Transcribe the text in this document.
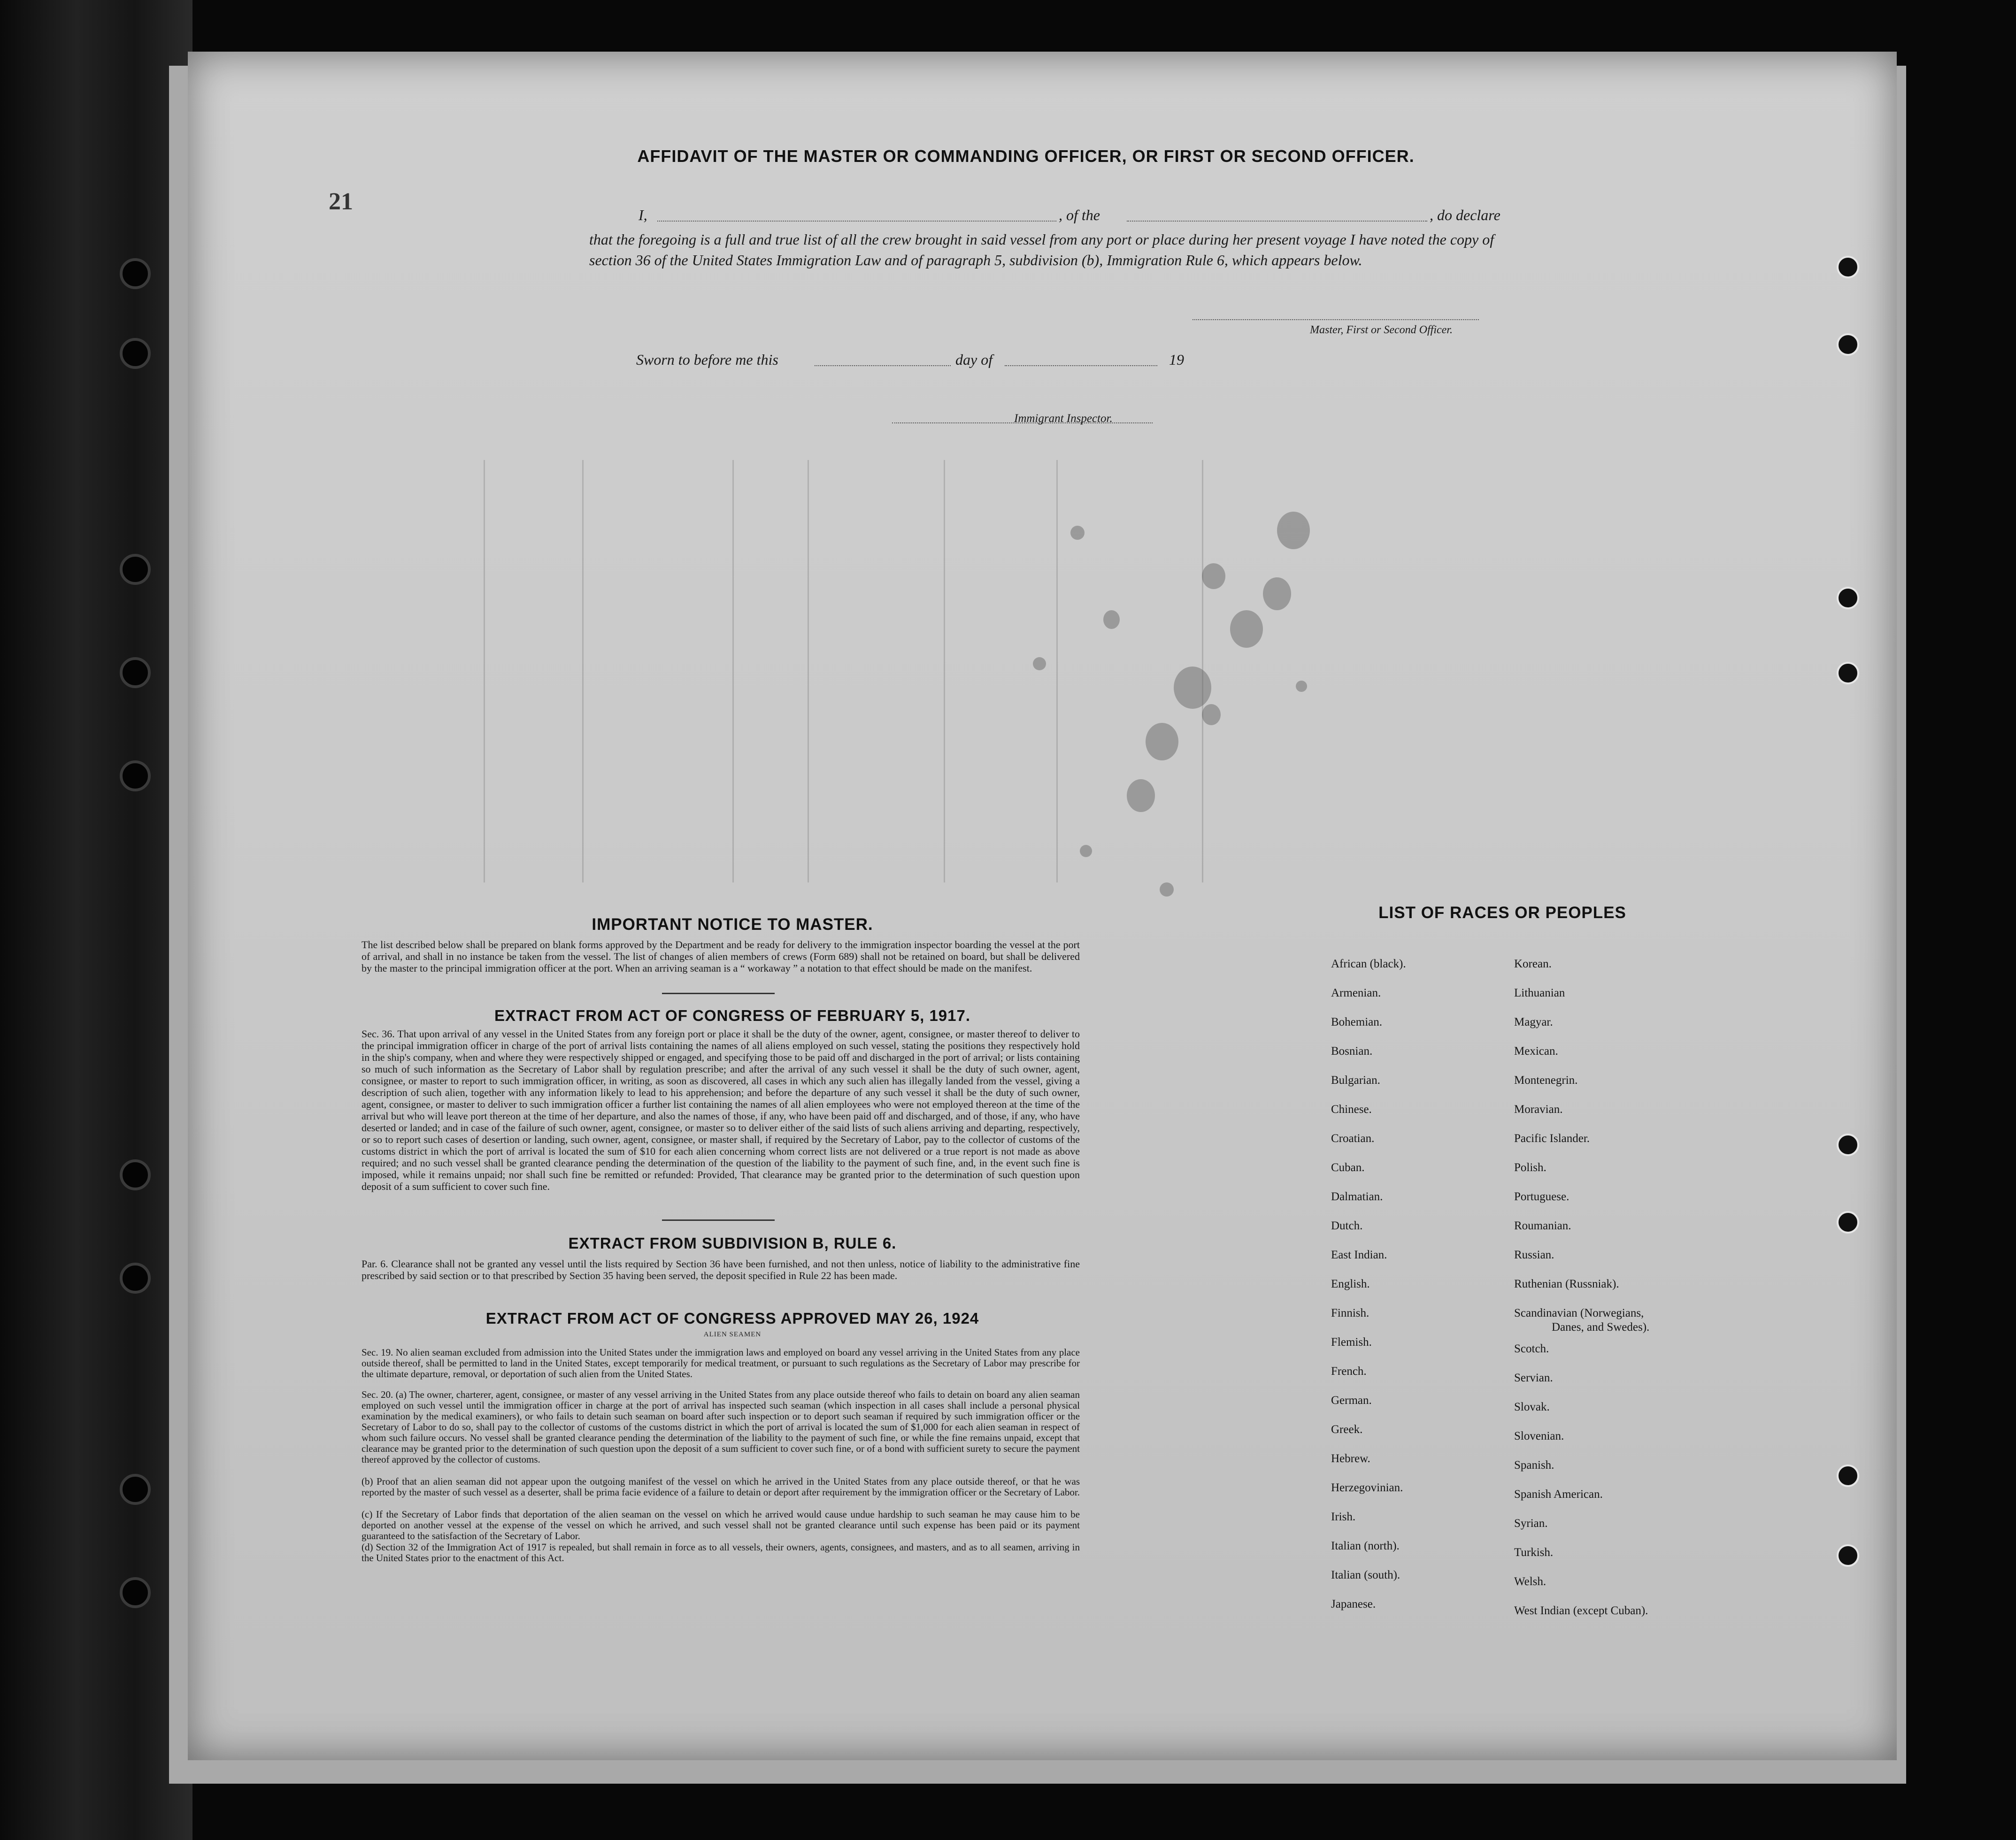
21
AFFIDAVIT OF THE MASTER OR COMMANDING OFFICER, OR FIRST OR SECOND OFFICER.
I,	, of the	, do declare
that the foregoing is a full and true list of all the crew brought in said vessel from any port or place during her present voyage I have noted the copy of section 36 of the United States Immigration Law and of paragraph 5, subdivision (b), Immigration Rule 6, which appears below.
Master, First or Second Officer.
Sworn to before me this	day of	19
Immigrant Inspector.
IMPORTANT NOTICE TO MASTER.
The list described below shall be prepared on blank forms approved by the Department and be ready for delivery to the immigration inspector boarding the vessel at the port of arrival, and shall in no instance be taken from the vessel. The list of changes of alien members of crews (Form 689) shall not be retained on board, but shall be delivered by the master to the principal immigration officer at the port. When an arriving seaman is a “ workaway ” a notation to that effect should be made on the manifest.
EXTRACT FROM ACT OF CONGRESS OF FEBRUARY 5, 1917.
Sec. 36. That upon arrival of any vessel in the United States from any foreign port or place it shall be the duty of the owner, agent, consignee, or master thereof to deliver to the principal immigration officer in charge of the port of arrival lists containing the names of all aliens employed on such vessel, stating the positions they respectively hold in the ship's company, when and where they were respectively shipped or engaged, and specifying those to be paid off and discharged in the port of arrival; or lists containing so much of such information as the Secretary of Labor shall by regulation prescribe; and after the arrival of any such vessel it shall be the duty of such owner, agent, consignee, or master to report to such immigration officer, in writing, as soon as discovered, all cases in which any such alien has illegally landed from the vessel, giving a description of such alien, together with any information likely to lead to his apprehension; and before the departure of any such vessel it shall be the duty of such owner, agent, consignee, or master to deliver to such immigration officer a further list containing the names of all alien employees who were not employed thereon at the time of the arrival but who will leave port thereon at the time of her departure, and also the names of those, if any, who have been paid off and discharged, and of those, if any, who have deserted or landed; and in case of the failure of such owner, agent, consignee, or master so to deliver either of the said lists of such aliens arriving and departing, respectively, or so to report such cases of desertion or landing, such owner, agent, consignee, or master shall, if required by the Secretary of Labor, pay to the collector of customs of the customs district in which the port of arrival is located the sum of $10 for each alien concerning whom correct lists are not delivered or a true report is not made as above required; and no such vessel shall be granted clearance pending the determination of the question of the liability to the payment of such fine, and, in the event such fine is imposed, while it remains unpaid; nor shall such fine be remitted or refunded: Provided, That clearance may be granted prior to the determination of such question upon deposit of a sum sufficient to cover such fine.
EXTRACT FROM SUBDIVISION B, RULE 6.
Par. 6. Clearance shall not be granted any vessel until the lists required by Section 36 have been furnished, and not then unless, notice of liability to the administrative fine prescribed by said section or to that prescribed by Section 35 having been served, the deposit specified in Rule 22 has been made.
EXTRACT FROM ACT OF CONGRESS APPROVED MAY 26, 1924
ALIEN SEAMEN
Sec. 19. No alien seaman excluded from admission into the United States under the immigration laws and employed on board any vessel arriving in the United States from any place outside thereof, shall be permitted to land in the United States, except temporarily for medical treatment, or pursuant to such regulations as the Secretary of Labor may prescribe for the ultimate departure, removal, or deportation of such alien from the United States.
Sec. 20. (a) The owner, charterer, agent, consignee, or master of any vessel arriving in the United States from any place outside thereof who fails to detain on board any alien seaman employed on such vessel until the immigration officer in charge at the port of arrival has inspected such seaman (which inspection in all cases shall include a personal physical examination by the medical examiners), or who fails to detain such seaman on board after such inspection or to deport such seaman if required by such immigration officer or the Secretary of Labor to do so, shall pay to the collector of customs of the customs district in which the port of arrival is located the sum of $1,000 for each alien seaman in respect of whom such failure occurs. No vessel shall be granted clearance pending the determination of the liability to the payment of such fine, or while the fine remains unpaid, except that clearance may be granted prior to the determination of such question upon the deposit of a sum sufficient to cover such fine, or of a bond with sufficient surety to secure the payment thereof approved by the collector of customs.
(b) Proof that an alien seaman did not appear upon the outgoing manifest of the vessel on which he arrived in the United States from any place outside thereof, or that he was reported by the master of such vessel as a deserter, shall be prima facie evidence of a failure to detain or deport after requirement by the immigration officer or the Secretary of Labor.
(c) If the Secretary of Labor finds that deportation of the alien seaman on the vessel on which he arrived would cause undue hardship to such seaman he may cause him to be deported on another vessel at the expense of the vessel on which he arrived, and such vessel shall not be granted clearance until such expense has been paid or its payment guaranteed to the satisfaction of the Secretary of Labor.
(d) Section 32 of the Immigration Act of 1917 is repealed, but shall remain in force as to all vessels, their owners, agents, consignees, and masters, and as to all seamen, arriving in the United States prior to the enactment of this Act.
LIST OF RACES OR PEOPLES
African (black).
Armenian.
Bohemian.
Bosnian.
Bulgarian.
Chinese.
Croatian.
Cuban.
Dalmatian.
Dutch.
East Indian.
English.
Finnish.
Flemish.
French.
German.
Greek.
Hebrew.
Herzegovinian.
Irish.
Italian (north).
Italian (south).
Japanese.
Korean.
Lithuanian
Magyar.
Mexican.
Montenegrin.
Moravian.
Pacific Islander.
Polish.
Portuguese.
Roumanian.
Russian.
Ruthenian (Russniak).
Scandinavian (Norwegians,
Danes, and Swedes).
Scotch.
Servian.
Slovak.
Slovenian.
Spanish.
Spanish American.
Syrian.
Turkish.
Welsh.
West Indian (except Cuban).
